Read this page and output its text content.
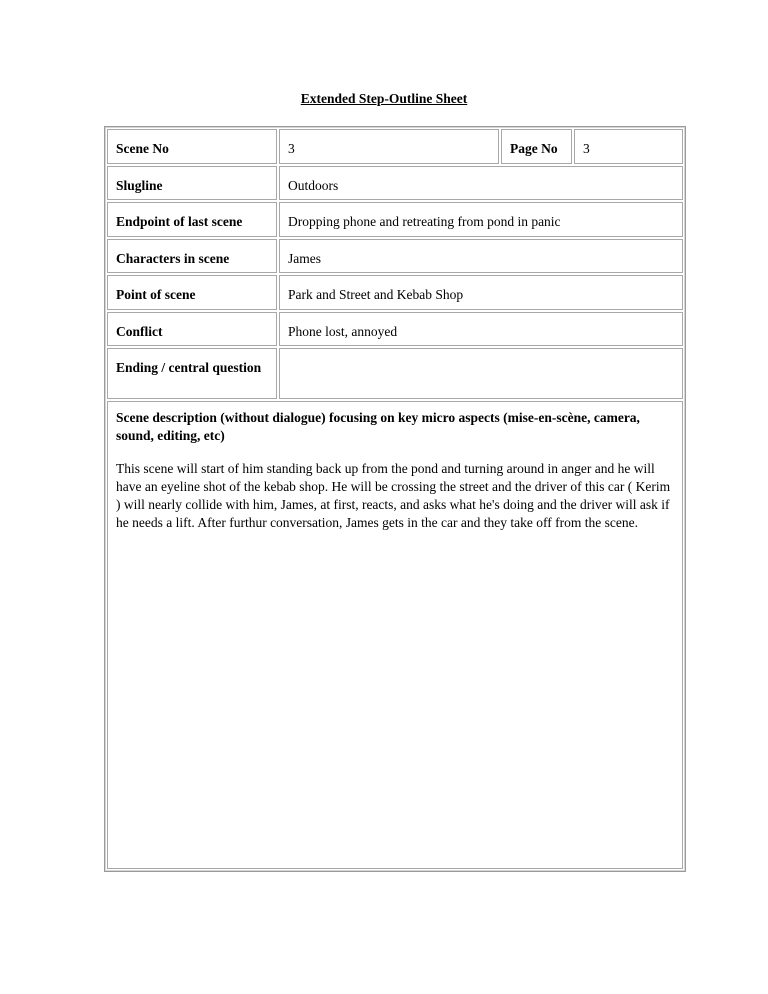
Extended Step-Outline Sheet
Scene No	3	Page No	3
Slugline	Outdoors
Endpoint of last scene	Dropping phone and retreating from pond in panic
Characters in scene	James
Point of scene	Park and Street and Kebab Shop
Conflict	Phone lost, annoyed
Ending / central question

Scene description (without dialogue) focusing on key micro aspects (mise-en-scène, camera, sound, editing, etc)

This scene will start of him standing back up from the pond and turning around in anger and he will have an eyeline shot of the kebab shop. He will be crossing the street and the driver of this car ( Kerim ) will nearly collide with him, James, at first, reacts, and asks what he's doing and the driver will ask if he needs a lift. After furthur conversation, James gets in the car and they take off from the scene.
